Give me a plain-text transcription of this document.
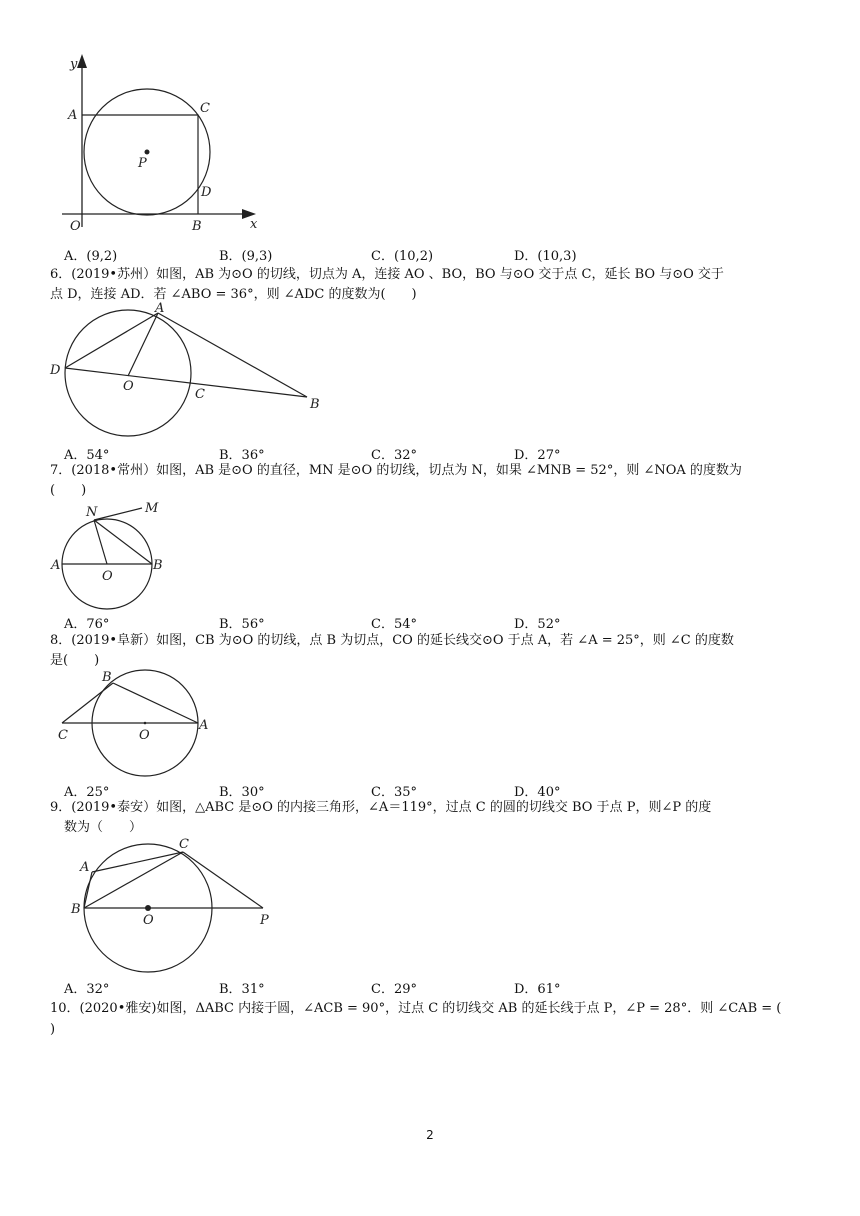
y
A	C
P
D
O	B	x
A．(9,2)	B．(9,3)	C．(10,2)	D．(10,3)
6．(2019•苏州）如图，AB 为⊙O 的切线，切点为 A，连接 AO 、BO，BO 与⊙O 交于点 C，延长 BO 与⊙O 交于
点 D，连接 AD．若 ∠ABO = 36°，则 ∠ADC 的度数为(　　)
A
D
O
C
B
A．54°	B．36°	C．32°	D．27°
7．(2018•常州）如图，AB 是⊙O 的直径，MN 是⊙O 的切线，切点为 N，如果 ∠MNB = 52°，则 ∠NOA 的度数为
(　　)
N	M
A
O
B
A．76°	B．56°	C．54°	D．52°
8．(2019•阜新）如图，CB 为⊙O 的切线，点 B 为切点，CO 的延长线交⊙O 于点 A，若 ∠A = 25°，则 ∠C 的度数
是(　　)
B
C	O
A
A．25°	B．30°	C．35°	D．40°
9．(2019•泰安）如图，△ABC 是⊙O 的内接三角形，∠A＝119°，过点 C 的圆的切线交 BO 于点 P，则∠P 的度
数为（　　）
A
C
B
O	P
A．32°	B．31°	C．29°	D．61°
10．(2020•雅安)如图，ΔABC 内接于圆，∠ACB = 90°，过点 C 的切线交 AB 的延长线于点 P，∠P = 28°．则 ∠CAB = (
)
2
